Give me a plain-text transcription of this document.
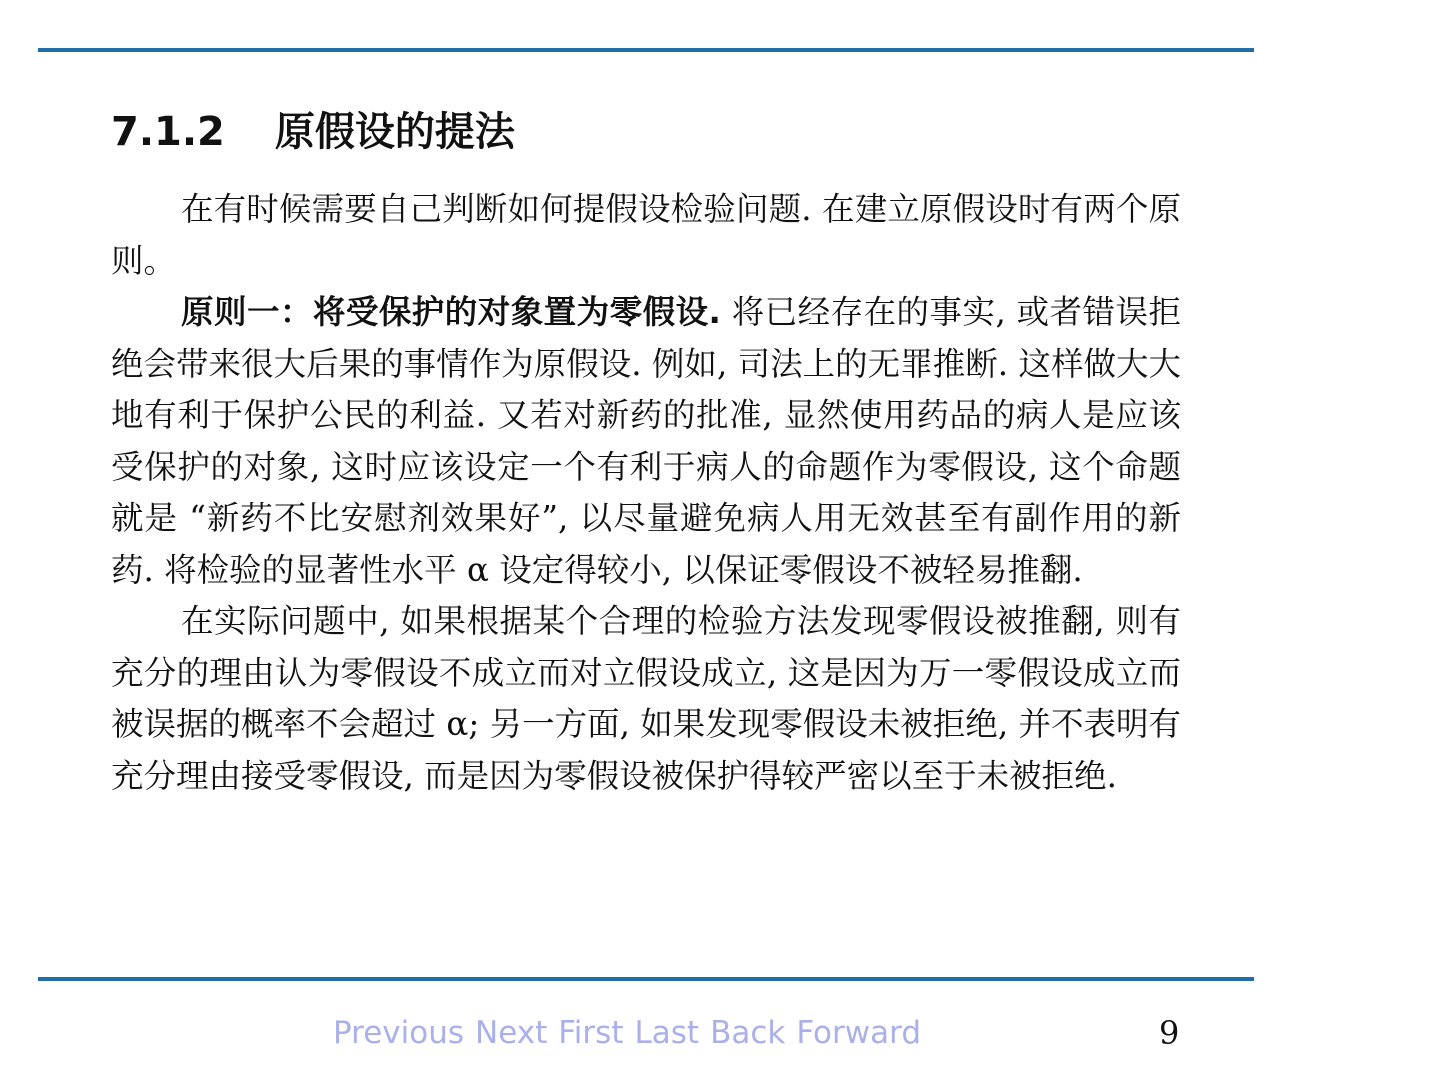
7.1.2 原假设的提法

在有时候需要自己判断如何提假设检验问题. 在建立原假设时有两个原则。

原则一：将受保护的对象置为零假设. 将已经存在的事实, 或者错误拒绝会带来很大后果的事情作为原假设. 例如, 司法上的无罪推断. 这样做大大地有利于保护公民的利益. 又若对新药的批准, 显然使用药品的病人是应该受保护的对象, 这时应该设定一个有利于病人的命题作为零假设, 这个命题就是 “新药不比安慰剂效果好”, 以尽量避免病人用无效甚至有副作用的新药. 将检验的显著性水平 α 设定得较小, 以保证零假设不被轻易推翻.

在实际问题中, 如果根据某个合理的检验方法发现零假设被推翻, 则有充分的理由认为零假设不成立而对立假设成立, 这是因为万一零假设成立而被误据的概率不会超过 α; 另一方面, 如果发现零假设未被拒绝, 并不表明有充分理由接受零假设, 而是因为零假设被保护得较严密以至于未被拒绝.

Previous Next First Last Back Forward	9
